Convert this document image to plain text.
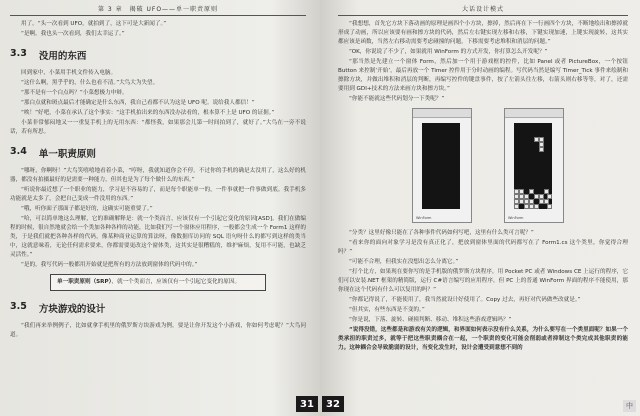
第 3 章　揭破 UFO——单一职责原则

用了。“头一次看到 UFO，就拍到了，这下可是大新闻了。”

“是啊。我也头一次看到，我们太幸运了。”

3.3 没用的东西

回到家中，小菜用手机文件传入电脑。

“这什么啊，黑乎乎的，什么也看不清。”大鸟大为失望。

“那不是有一个白点吗？”小菜想极力申辩。

“那白点就和斑点最后才能确定是什么东西，我自己看都不认为这是 UFO 呢。说给我人都信！”

“唉！”好吧，小菜在承认了这个事实：“这手机拍出来的东西没办法看的，根本算不上是 UFO 的证据。”

小菜非常郁闷地又一一重复手机上的无用东西：“都怪我，如果那会儿第一时间拍到了，就好了。”大鸟在一旁不说话，若有所思。

3.4 单一职责原则

“哪呀，你啊呀！”大鸟笑嘻嘻地看着小菜，“哼呀，我就知道你会不停。不过你的手机的确是太没用了，这么好的机器，都没有拍摄最好的是需要一种能力，但其也是为了每个做什么的东西。”

“听说你最近想了一个职业的能力，学习是不容易的了，而是每个职能单一的，一件事就把一件事做到底。我手机多功能就是太多了，会把自己变成一件没用的东西。”

“哦，听你面子那面子都是好的，这确实可能重要了。”

“哈，可以简单地这么理解，它的准确解释是：就一个类而言，应该仅有一个引起它变化的原因[ASD]。我们在做编程的时候，很自然地就会给一个类加各种各样的功能，比如我们写一个窗体应用程序，一般都会生成一个 Form1 这样的类，于是我们就把各种各样的代码，像某种商业运算的算法呀，像数据库访问的 SQL 语句呀什么的都写到这样的类当中，这就意味着，无论任何需求要来，你都需要更改这个窗体类，这其实是很糟糕的，维护麻烦，复用不可能，也缺乏灵活性。”

“是的，我写代码一般都用开始就是把所有的方法放到窗体的代码中的。”

单一职责原则（SRP），就一个类而言，应该仅有一个引起它变化的原因。
3.5 方块游戏的设计

“我们再来举例例子，比如就拿手机里的俄罗斯方块游戏为例。要是让你开发这个小游戏，你如何考虑呢？”大鸟问道。

31
大话设计模式

“我想想，首先它方块下落动画的原理是画四个小方块，擦掉，然后再在下一行画四个方块，不断地绘出和擦掉就形成了动画，所以应该要有画和擦方块的代码，然后左右键实现左移和右移，下键实现加速，上键实现旋转，这其实都应该是函数，当然左右移动需要考虑碰撞的问题，下移需要考虑堆积和消层的问题。”

“OK，你说说了不少了，如果就用 WinForm 的方式开发，你打算怎么开发呢？”

“那当然是先建立一个窗体 Form，然后加一个用于游戏框的控件，比如 Panel 或者 PictureBox，一个按钮 Button 来控制‘开始’，最后再放一个 Timer 控件用于分时动画的编程。写代码当然是编写 Timer_Tick 事件来绘制和擦除方块，并做出堆积和消层的判断，再编写控件的键盘事件，按了左箭头往左移，右箭头则右移等等，对了，还需要用到 GDI+技术的方法来画方块和擦方块。”

“你能不能就这些代码划分一下类呢？”

WinForm	WinForm

“分类？这里好像只能在了各种事件代码如何写吧，这里有什么类可言呢？”

“看来你的面向对象学习是没有真正化了，把放到窗体里面的代码都写在了 Form1.cs 这个类里，你觉得合理吗？”

“可能不合理，但我实在没想出怎么分离它。”

“打个比方，如果现在要你写的是手机版的俄罗斯方块程序，用 Pocket PC 或者 Windows CE 上运行的程序，它们可以安装.NET 框架的精简版，运行 C#语言编写的应用程序，但 PC 上的普通 WinForm 界面的程序不能使用，那你现在这个代码有什么可以复用的吗？”

“你都记得说了，不能使用了，我当然就设计好使用了。Copy 过去，再好对代码做些改就是。”

“但其实，有些东西是不变的。”

“你是说，下落、旋转、碰撞判断、移动、堆积这些游戏逻辑吗？”

“说得没错，这些都是和游戏有关的逻辑，和界面如何表示没有什么关系，为什么要写在一个类里面呢？如果一个类承担的职责过多，就等于把这些职责耦合在一起，一个职责的变化可能会削弱或者抑制这个类完成其他职责的能力。这种耦合会导致脆弱的设计，当变化发生时，设计会遭受到意想不到的

32	中
